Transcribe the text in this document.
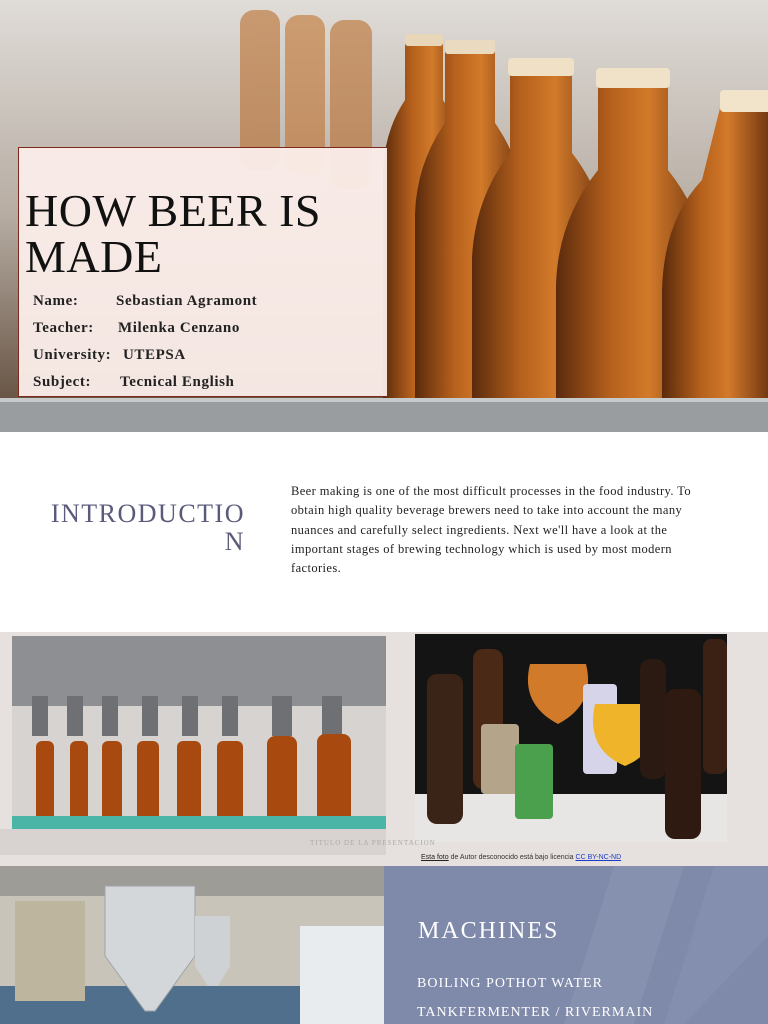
HOW BEER IS MADE
Name:	Sebastian Agramont
Teacher: Milenka Cenzano
University: UTEPSA
Subject: Tecnical English
INTRODUCTION

Beer making is one of the most difficult processes in the food industry. To obtain high quality beverage brewers need to take into account the many nuances and carefully select ingredients. Next we'll have a look at the important stages of brewing technology which is used by most modern factories.

TITULO DE LA PRESENTACION
Esta foto de Autor desconocido está bajo licencia CC BY-NC-ND
MACHINES
BOILING POTHOT WATER
TANKFERMENTER / RIVERMAIN
